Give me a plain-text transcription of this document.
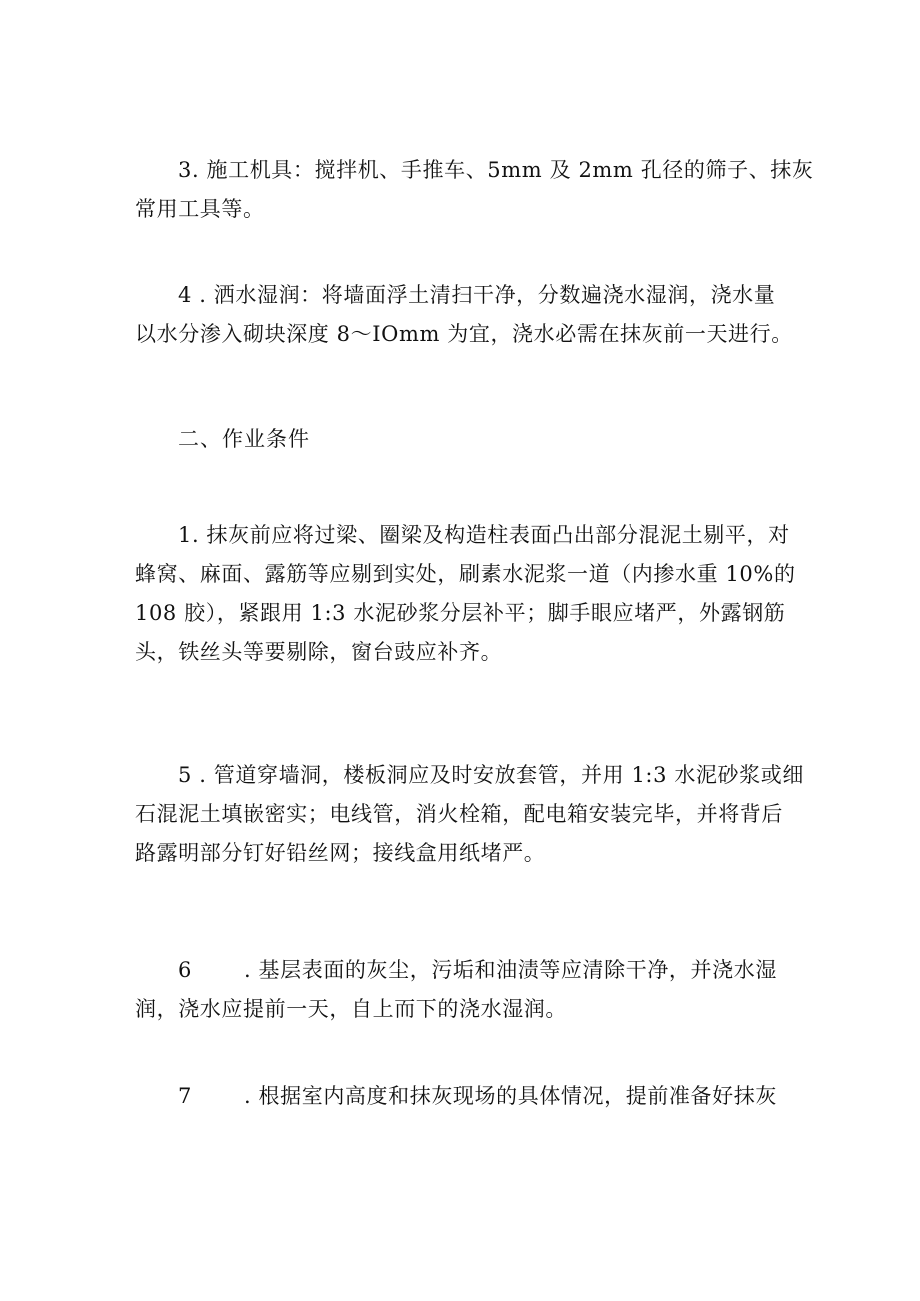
3. 施工机具：搅拌机、手推车、5mm 及 2mm 孔径的筛子、抹灰
常用工具等。
4 . 洒水湿润：将墙面浮土清扫干净，分数遍浇水湿润，浇水量
以水分渗入砌块深度 8～IOmm 为宜，浇水必需在抹灰前一天进行。
二、作业条件
1. 抹灰前应将过梁、圈梁及构造柱表面凸出部分混泥土剔平，对
蜂窝、麻面、露筋等应剔到实处，刷素水泥浆一道（内掺水重 10%的
108 胶），紧跟用 1:3 水泥砂浆分层补平；脚手眼应堵严，外露钢筋
头，铁丝头等要剔除，窗台豉应补齐。
5 . 管道穿墙洞，楼板洞应及时安放套管，并用 1:3 水泥砂浆或细
石混泥土填嵌密实；电线管，消火栓箱，配电箱安装完毕，并将背后
路露明部分钉好铅丝网；接线盒用纸堵严。
6 . 基层表面的灰尘，污垢和油渍等应清除干净，并浇水湿
润，浇水应提前一天，自上而下的浇水湿润。
7 . 根据室内高度和抹灰现场的具体情况，提前准备好抹灰
